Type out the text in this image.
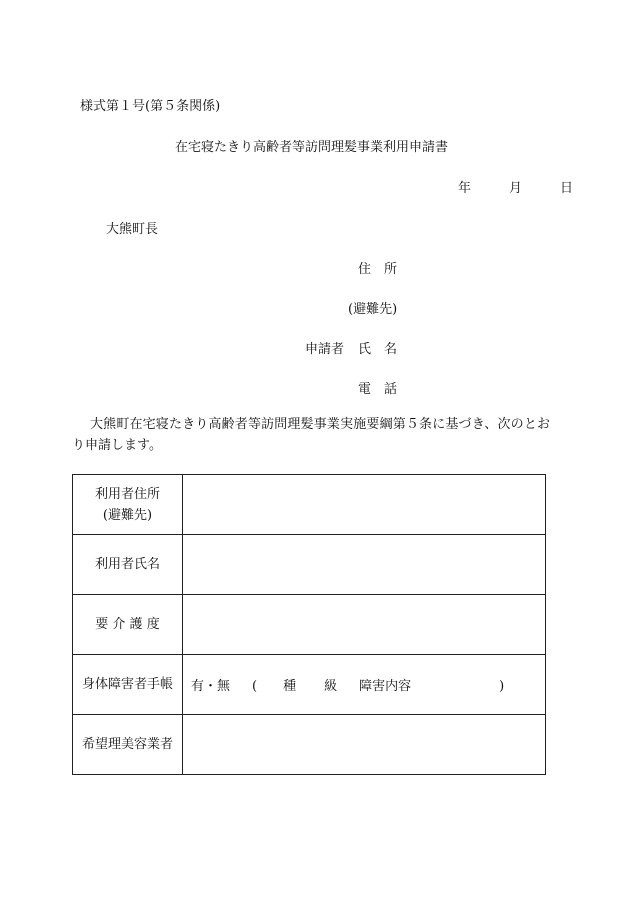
様式第１号(第５条関係)
在宅寝たきり高齢者等訪問理髪事業利用申請書
年	月	日
大熊町長
住　所
(避難先)
申請者 氏　名
電　話
大熊町在宅寝たきり高齢者等訪問理髪事業実施要綱第５条に基づき、次のとおり申請します。
利用者住所
(避難先)	

利用者氏名	

要 介 護 度	

身体障害者手帳	有・無 ( 種 級 障害内容 )

希望理美容業者	
